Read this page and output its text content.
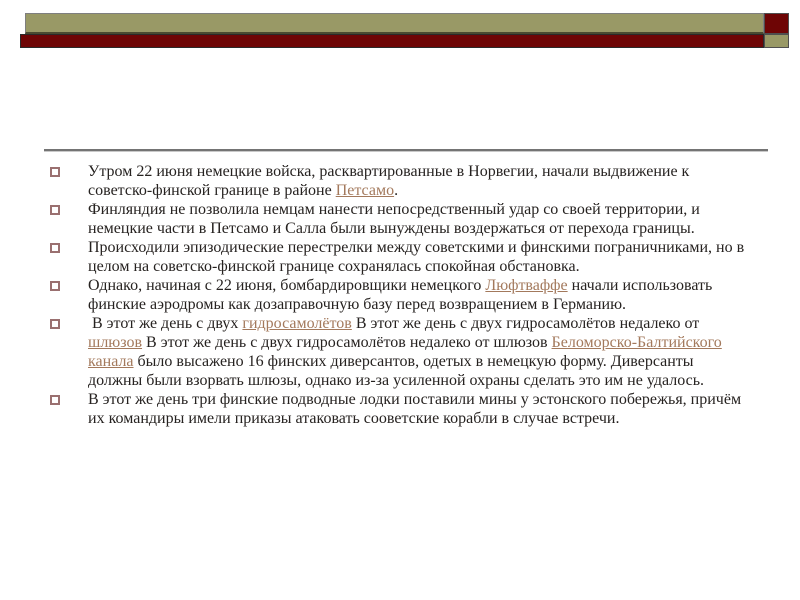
Утром 22 июня немецкие войска, расквартированные в Норвегии, начали выдвижение к советско-финской границе в районе Петсамо.
Финляндия не позволила немцам нанести непосредственный удар со своей территории, и немецкие части в Петсамо и Салла были вынуждены воздержаться от перехода границы.
Происходили эпизодические перестрелки между советскими и финскими пограничниками, но в целом на советско-финской границе сохранялась спокойная обстановка.
Однако, начиная с 22 июня, бомбардировщики немецкого Люфтваффе начали использовать финские аэродромы как дозаправочную базу перед возвращением в Германию.
В этот же день с двух гидросамолётов В этот же день с двух гидросамолётов недалеко от шлюзов В этот же день с двух гидросамолётов недалеко от шлюзов Беломорско-Балтийского канала было высажено 16 финских диверсантов, одетых в немецкую форму. Диверсанты должны были взорвать шлюзы, однако из-за усиленной охраны сделать это им не удалось.
В этот же день три финские подводные лодки поставили мины у эстонского побережья, причём их командиры имели приказы атаковать сооветские корабли в случае встречи.
